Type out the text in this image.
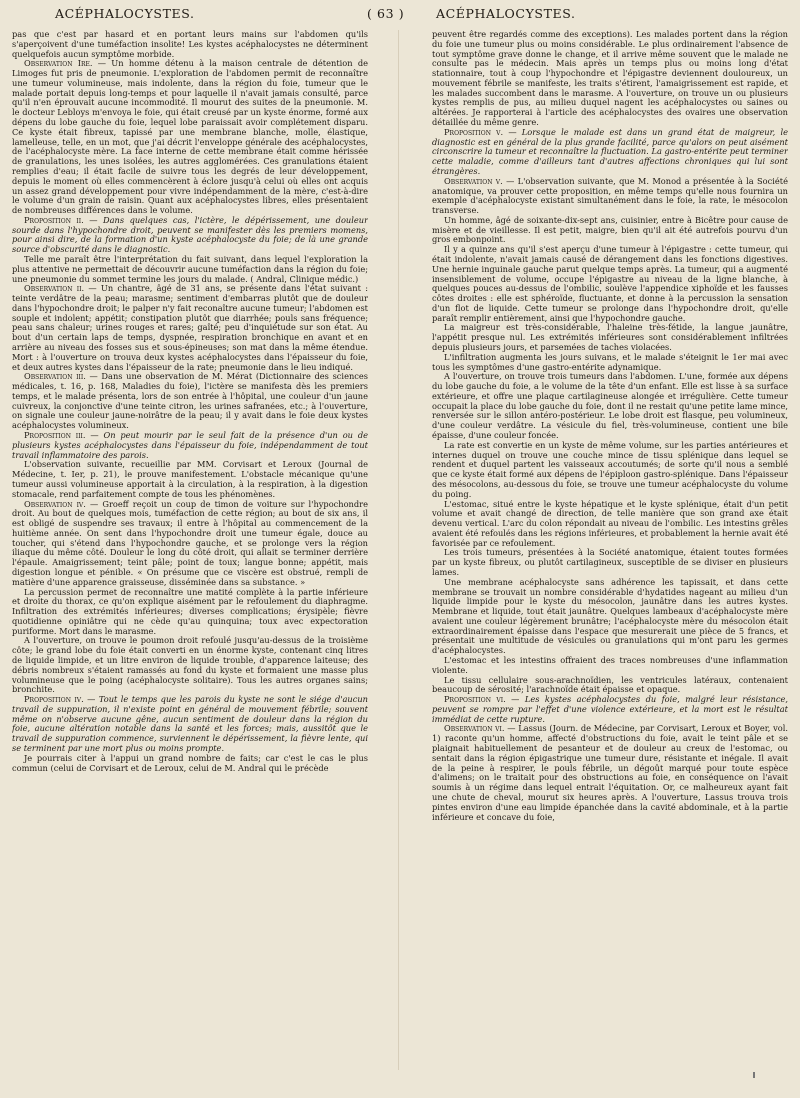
ACÉPHALOCYSTES.	( 63 )	ACÉPHALOCYSTES.

pas que c'est par hasard et en portant leurs mains sur l'abdomen qu'ils s'aperçoivent d'une tuméfaction insolite! Les kystes acéphalocystes ne déterminent quelquefois aucun symptôme morbide.

Observation Ire. — Un homme détenu à la maison centrale de détention de Limoges fut pris de pneumonie. L'exploration de l'abdomen permit de reconnaître une tumeur volumineuse, mais indolente, dans la région du foie, tumeur que le malade portait depuis long-temps et pour laquelle il n'avait jamais consulté, parce qu'il n'en éprouvait aucune incommodité. Il mourut des suites de la pneumonie. M. le docteur Lebloys m'envoya le foie, qui était creusé par un kyste énorme, formé aux dépens du lobe gauche du foie, lequel lobe paraissait avoir complétement disparu. Ce kyste était fibreux, tapissé par une membrane blanche, molle, élastique, lamelleuse, telle, en un mot, que j'ai décrit l'enveloppe générale des acéphalocystes, de l'acéphalocyste mère. La face interne de cette membrane était comme hérissée de granulations, les unes isolées, les autres agglomérées. Ces granulations étaient remplies d'eau; il était facile de suivre tous les degrés de leur développement, depuis le moment où elles commencèrent à éclore jusqu'à celui où elles ont acquis un assez grand développement pour vivre indépendamment de la mère, c'est-à-dire le volume d'un grain de raisin. Quant aux acéphalocystes libres, elles présentaient de nombreuses différences dans le volume.

Proposition ii. — Dans quelques cas, l'ictère, le dépérissement, une douleur sourde dans l'hypochondre droit, peuvent se manifester dès les premiers momens, pour ainsi dire, de la formation d'un kyste acéphalocyste du foie; de là une grande source d'obscurité dans le diagnostic.

Telle me paraît être l'interprétation du fait suivant, dans lequel l'exploration la plus attentive ne permettait de découvrir aucune tuméfaction dans la région du foie; une pneumonie du sommet termine les jours du malade. ( Andral, Clinique médic.)

Observation ii. — Un chantre, âgé de 31 ans, se présente dans l'état suivant : teinte verdâtre de la peau; marasme; sentiment d'embarras plutôt que de douleur dans l'hypochondre droit; le palper n'y fait reconaître aucune tumeur; l'abdomen est souple et indolent; appétit; constipation plutôt que diarrhée; pouls sans fréquence; peau sans chaleur; urines rouges et rares; gaîté; peu d'inquiétude sur son état. Au bout d'un certain laps de temps, dyspnée, respiration bronchique en avant et en arrière au niveau des fosses sus et sous-épineuses; son mat dans la même étendue. Mort : à l'ouverture on trouva deux kystes acéphalocystes dans l'épaisseur du foie, et deux autres kystes dans l'épaisseur de la rate; pneumonie dans le lieu indiqué.

Observation iii. — Dans une observation de M. Mérat (Dictionnaire des sciences médicales, t. 16, p. 168, Maladies du foie), l'ictère se manifesta dès les premiers temps, et le malade présenta, lors de son entrée à l'hôpital, une couleur d'un jaune cuivreux, la conjonctive d'une teinte citron, les urines safranées, etc.; à l'ouverture, on signale une couleur jaune-noirâtre de la peau; il y avait dans le foie deux kystes acéphalocystes volumineux.

Proposition iii. — On peut mourir par le seul fait de la présence d'un ou de plusieurs kystes acéphalocystes dans l'épaisseur du foie, indépendamment de tout travail inflammatoire des parois.

L'observation suivante, recueillie par MM. Corvisart et Leroux (Journal de Médecine, t. Ier, p. 21), le prouve manifestement. L'obstacle mécanique qu'une tumeur aussi volumineuse apportait à la circulation, à la respiration, à la digestion stomacale, rend parfaitement compte de tous les phénomènes.

Observation iv. — Groeff reçoit un coup de timon de voiture sur l'hypochondre droit. Au bout de quelques mois, tuméfaction de cette région; au bout de six ans, il est obligé de suspendre ses travaux; il entre à l'hôpital au commencement de la huitième année. On sent dans l'hypochondre droit une tumeur égale, douce au toucher, qui s'étend dans l'hypochondre gauche, et se prolonge vers la région iliaque du même côté. Douleur le long du côté droit, qui allait se terminer derrière l'épaule. Amaigrissement; teint pâle; point de toux; langue bonne; appétit, mais digestion longue et pénible. « On présume que ce viscère est obstrué, rempli de matière d'une apparence graisseuse, disséminée dans sa substance. »

La percussion permet de reconnaître une matité complète à la partie inférieure et droite du thorax, ce qu'on explique aisément par le refoulement du diaphragme. Infiltration des extrémités inférieures; diverses complications; érysipèle; fièvre quotidienne opiniâtre qui ne cède qu'au quinquina; toux avec expectoration puriforme. Mort dans le marasme.

A l'ouverture, on trouve le poumon droit refoulé jusqu'au-dessus de la troisième côte; le grand lobe du foie était converti en un énorme kyste, contenant cinq litres de liquide limpide, et un litre environ de liquide trouble, d'apparence laiteuse; des débris nombreux s'étaient ramassés au fond du kyste et formaient une masse plus volumineuse que le poing (acéphalocyste solitaire). Tous les autres organes sains; bronchite.

Proposition iv. — Tout le temps que les parois du kyste ne sont le siége d'aucun travail de suppuration, il n'existe point en général de mouvement fébrile; souvent même on n'observe aucune gêne, aucun sentiment de douleur dans la région du foie, aucune altération notable dans la santé et les forces; mais, aussitôt que le travail de suppuration commence, surviennent le dépérissement, la fièvre lente, qui se terminent par une mort plus ou moins prompte.

Je pourrais citer à l'appui un grand nombre de faits; car c'est le cas le plus commun (celui de Corvisart et de Leroux, celui de M. Andral qui le précède

peuvent être regardés comme des exceptions). Les malades portent dans la région du foie une tumeur plus ou moins considérable. Le plus ordinairement l'absence de tout symptôme grave donne le change, et il arrive même souvent que le malade ne consulte pas le médecin. Mais après un temps plus ou moins long d'état stationnaire, tout à coup l'hypochondre et l'épigastre deviennent douloureux, un mouvement fébrile se manifeste, les traits s'étirent, l'amaigrissement est rapide, et les malades succombent dans le marasme. A l'ouverture, on trouve un ou plusieurs kystes remplis de pus, au milieu duquel nagent les acéphalocystes ou saines ou altérées. Je rapporterai à l'article des acéphalocystes des ovaires une observation détaillée du même genre.

Proposition v. — Lorsque le malade est dans un grand état de maigreur, le diagnostic est en général de la plus grande facilité, parce qu'alors on peut aisément circonscrire la tumeur et reconnaître la fluctuation. La gastro-entérite peut terminer cette maladie, comme d'ailleurs tant d'autres affections chroniques qui lui sont étrangères.

Observation v. — L'observation suivante, que M. Monod a présentée à la Société anatomique, va prouver cette proposition, en même temps qu'elle nous fournira un exemple d'acéphalocyste existant simultanément dans le foie, la rate, le mésocolon transverse.

Un homme, âgé de soixante-dix-sept ans, cuisinier, entre à Bicêtre pour cause de misère et de vieillesse. Il est petit, maigre, bien qu'il ait été autrefois pourvu d'un gros embonpoint.

Il y a quinze ans qu'il s'est aperçu d'une tumeur à l'épigastre : cette tumeur, qui était indolente, n'avait jamais causé de dérangement dans les fonctions digestives. Une hernie inguinale gauche parut quelque temps après. La tumeur, qui a augmenté insensiblement de volume, occupe l'épigastre au niveau de la ligne blanche, à quelques pouces au-dessus de l'ombilic, soulève l'appendice xiphoïde et les fausses côtes droites : elle est sphéroïde, fluctuante, et donne à la percussion la sensation d'un flot de liquide. Cette tumeur se prolonge dans l'hypochondre droit, qu'elle paraît remplir entièrement, ainsi que l'hypochondre gauche.

La maigreur est très-considérable, l'haleine très-fétide, la langue jaunâtre, l'appétit presque nul. Les extrémités inférieures sont considérablement infiltrées depuis plusieurs jours, et parsemées de taches violacées.

L'infiltration augmenta les jours suivans, et le malade s'éteignit le 1er mai avec tous les symptômes d'une gastro-entérite adynamique.

A l'ouverture, on trouve trois tumeurs dans l'abdomen. L'une, formée aux dépens du lobe gauche du foie, a le volume de la tête d'un enfant. Elle est lisse à sa surface extérieure, et offre une plaque cartilagineuse alongée et irrégulière. Cette tumeur occupait la place du lobe gauche du foie, dont il ne restait qu'une petite lame mince, renversée sur le sillon antéro-postérieur. Le lobe droit est flasque, peu volumineux, d'une couleur verdâtre. La vésicule du fiel, très-volumineuse, contient une bile épaisse, d'une couleur foncée.

La rate est convertie en un kyste de même volume, sur les parties antérieures et internes duquel on trouve une couche mince de tissu splénique dans lequel se rendent et duquel partent les vaisseaux accoutumés; de sorte qu'il nous a semblé que ce kyste était formé aux dépens de l'épiploon gastro-splénique. Dans l'épaisseur des mésocolons, au-dessous du foie, se trouve une tumeur acéphalocyste du volume du poing.

L'estomac, situé entre le kyste hépatique et le kyste splénique, était d'un petit volume et avait changé de direction, de telle manière que son grand axe était devenu vertical. L'arc du colon répondait au niveau de l'ombilic. Les intestins grêles avaient été refoulés dans les régions inférieures, et probablement la hernie avait été favorisée par ce refoulement.

Les trois tumeurs, présentées à la Société anatomique, étaient toutes formées par un kyste fibreux, ou plutôt cartilagineux, susceptible de se diviser en plusieurs lames.

Une membrane acéphalocyste sans adhérence les tapissait, et dans cette membrane se trouvait un nombre considérable d'hydatides nageant au milieu d'un liquide limpide pour le kyste du mésocolon, jaunâtre dans les autres kystes. Membrane et liquide, tout était jaunâtre. Quelques lambeaux d'acéphalocyste mère avaient une couleur légèrement brunâtre; l'acéphalocyste mère du mésocolon était extraordinairement épaisse dans l'espace que mesurerait une pièce de 5 francs, et présentait une multitude de vésicules ou granulations qui m'ont paru les germes d'acéphalocystes.

L'estomac et les intestins offraient des traces nombreuses d'une inflammation violente.

Le tissu cellulaire sous-arachnoïdien, les ventricules latéraux, contenaient beaucoup de sérosité; l'arachnoïde était épaisse et opaque.

Proposition vi. — Les kystes acéphalocystes du foie, malgré leur résistance, peuvent se rompre par l'effet d'une violence extérieure, et la mort est le résultat immédiat de cette rupture.

Observation vi. — Lassus (Journ. de Médecine, par Corvisart, Leroux et Boyer, vol. 1) raconte qu'un homme, affecté d'obstructions du foie, avait le teint pâle et se plaignait habituellement de pesanteur et de douleur au creux de l'estomac, ou sentait dans la région épigastrique une tumeur dure, résistante et inégale. Il avait de la peine à respirer, le pouls fébrile, un dégoût marqué pour toute espèce d'alimens; on le traitait pour des obstructions au foie, en conséquence on l'avait soumis à un régime dans lequel entrait l'équitation. Or, ce malheureux ayant fait une chute de cheval, mourut six heures après. A l'ouverture, Lassus trouva trois pintes environ d'une eau limpide épanchée dans la cavité abdominale, et à la partie inférieure et concave du foie,
